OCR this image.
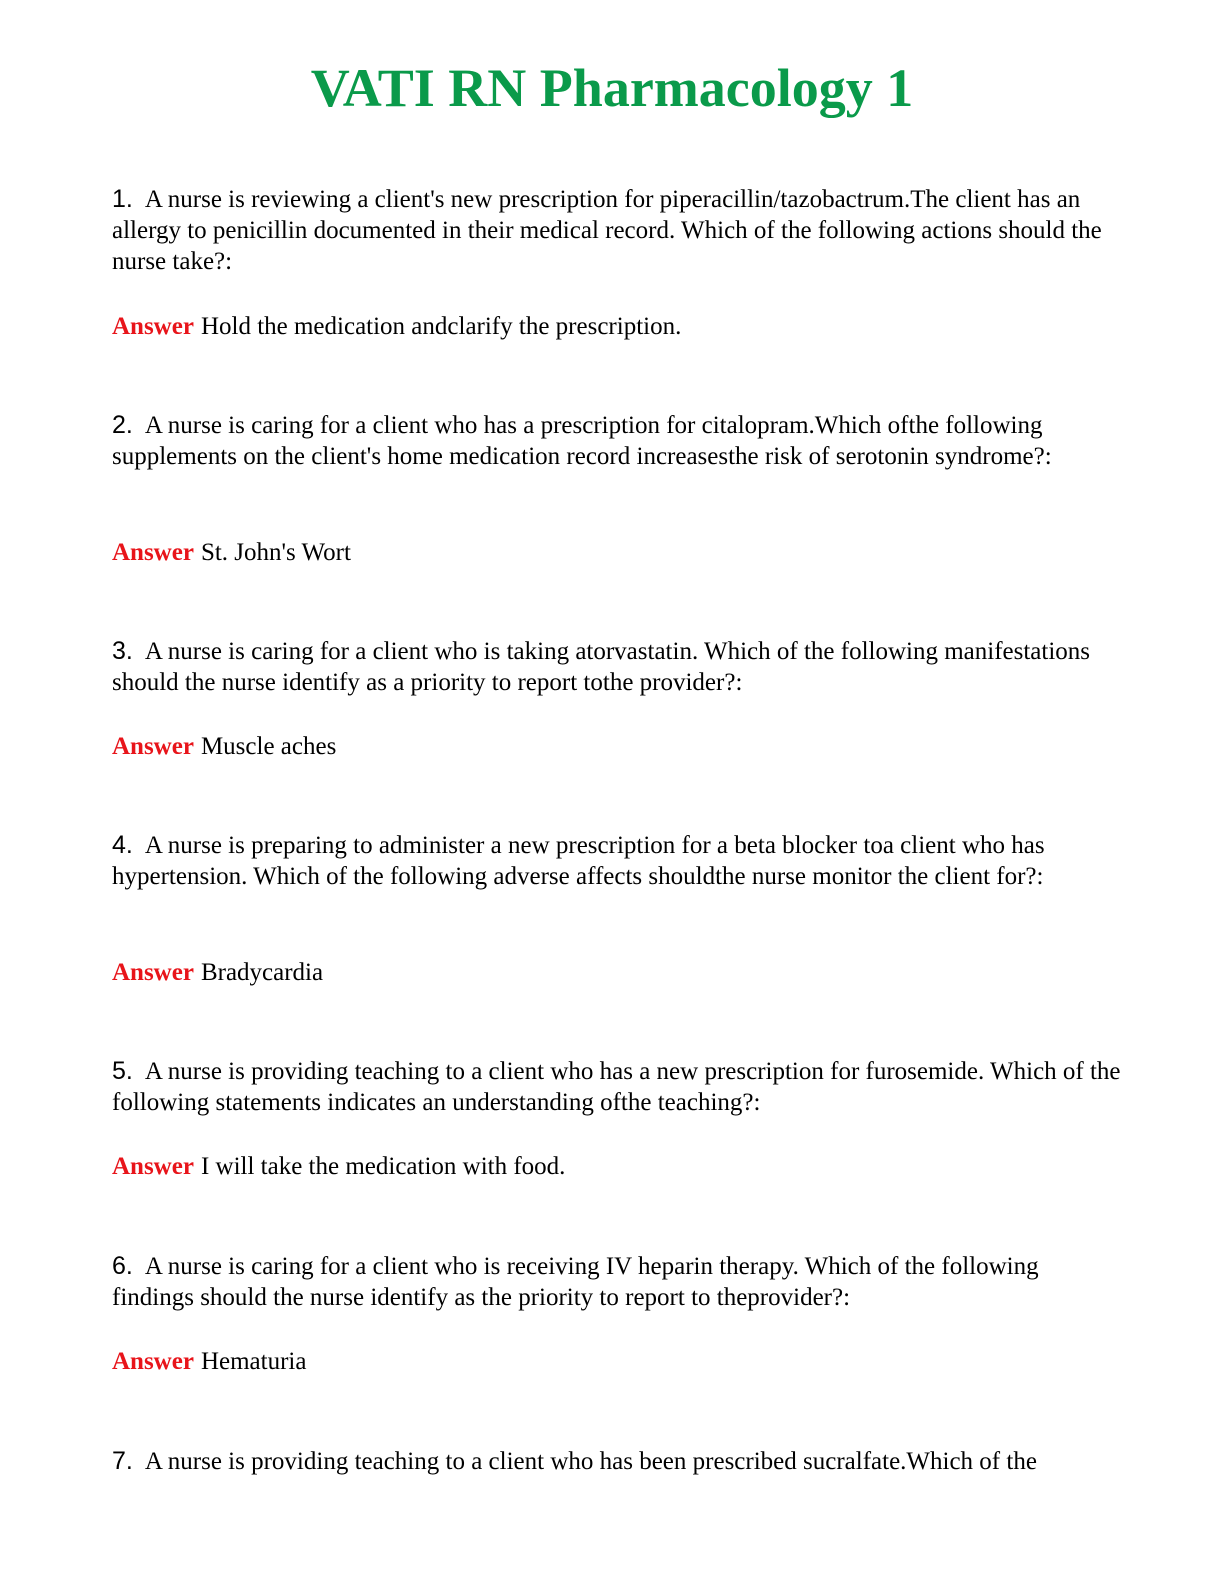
VATI RN Pharmacology 1

1. A nurse is reviewing a client's new prescription for piperacillin/tazobactrum.The client has an allergy to penicillin documented in their medical record. Which of the following actions should the nurse take?:

Answer Hold the medication andclarify the prescription.

2. A nurse is caring for a client who has a prescription for citalopram.Which ofthe following supplements on the client's home medication record increasesthe risk of serotonin syndrome?:

Answer St. John's Wort

3. A nurse is caring for a client who is taking atorvastatin. Which of the following manifestations should the nurse identify as a priority to report tothe provider?:

Answer Muscle aches

4. A nurse is preparing to administer a new prescription for a beta blocker toa client who has hypertension. Which of the following adverse affects shouldthe nurse monitor the client for?:

Answer Bradycardia

5. A nurse is providing teaching to a client who has a new prescription for furosemide. Which of the following statements indicates an understanding ofthe teaching?:

Answer I will take the medication with food.

6. A nurse is caring for a client who is receiving IV heparin therapy. Which of the following findings should the nurse identify as the priority to report to theprovider?:

Answer Hematuria

7. A nurse is providing teaching to a client who has been prescribed sucralfate.Which of the
